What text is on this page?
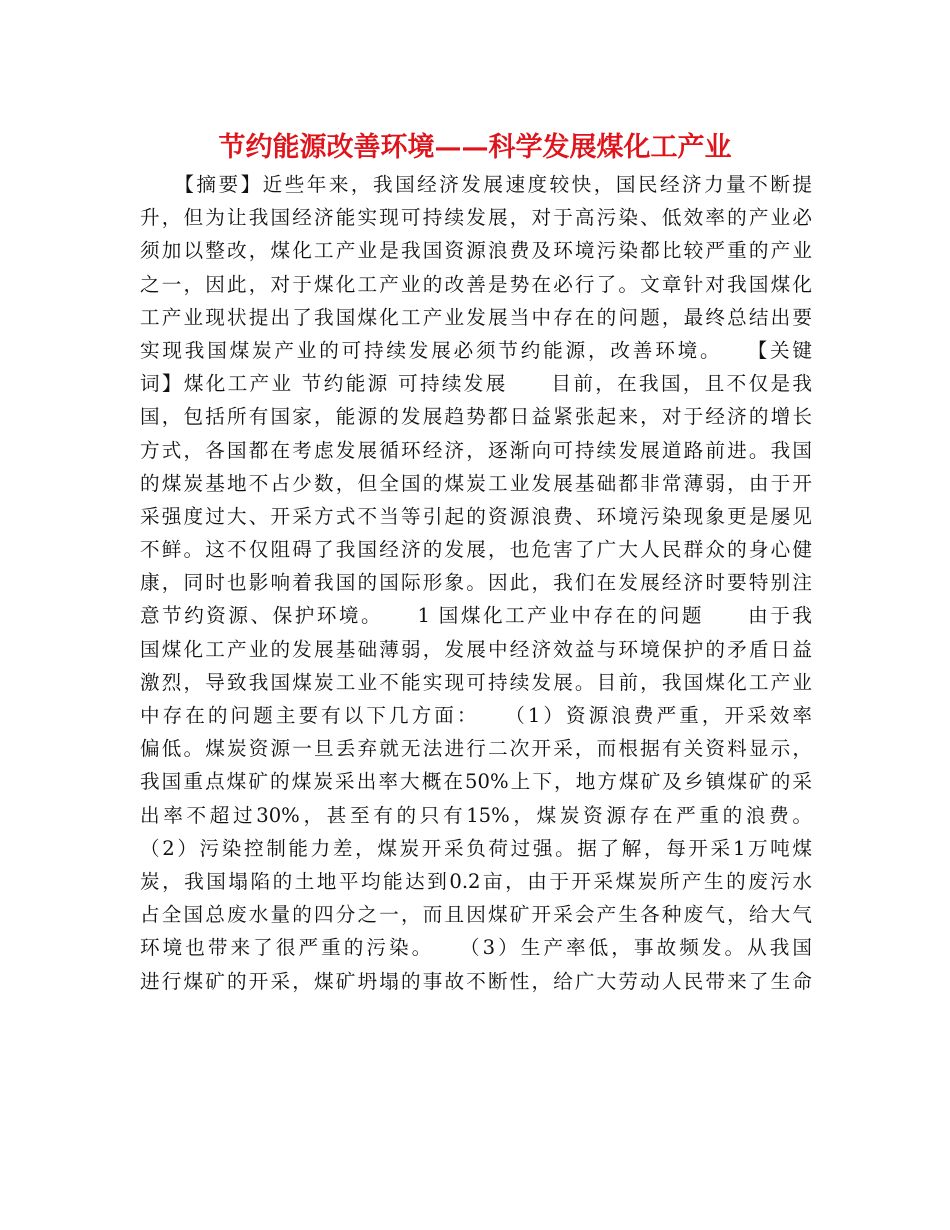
节约能源改善环境——科学发展煤化工产业
　　【摘要】近些年来，我国经济发展速度较快，国民经济力量不断提
升，但为让我国经济能实现可持续发展，对于高污染、低效率的产业必
须加以整改，煤化工产业是我国资源浪费及环境污染都比较严重的产业
之一，因此，对于煤化工产业的改善是势在必行了。文章针对我国煤化
工产业现状提出了我国煤化工产业发展当中存在的问题，最终总结出要
实现我国煤炭产业的可持续发展必须节约能源，改善环境。　　【关键
词】煤化工产业 节约能源 可持续发展　　目前，在我国，且不仅是我
国，包括所有国家，能源的发展趋势都日益紧张起来，对于经济的增长
方式，各国都在考虑发展循环经济，逐渐向可持续发展道路前进。我国
的煤炭基地不占少数，但全国的煤炭工业发展基础都非常薄弱，由于开
采强度过大、开采方式不当等引起的资源浪费、环境污染现象更是屡见
不鲜。这不仅阻碍了我国经济的发展，也危害了广大人民群众的身心健
康，同时也影响着我国的国际形象。因此，我们在发展经济时要特别注
意节约资源、保护环境。　　1 国煤化工产业中存在的问题　　由于我
国煤化工产业的发展基础薄弱，发展中经济效益与环境保护的矛盾日益
激烈，导致我国煤炭工业不能实现可持续发展。目前，我国煤化工产业
中存在的问题主要有以下几方面：　　（1）资源浪费严重，开采效率
偏低。煤炭资源一旦丢弃就无法进行二次开采，而根据有关资料显示，
我国重点煤矿的煤炭采出率大概在50%上下，地方煤矿及乡镇煤矿的采
出率不超过30%，甚至有的只有15%，煤炭资源存在严重的浪费。
（2）污染控制能力差，煤炭开采负荷过强。据了解，每开采1万吨煤
炭，我国塌陷的土地平均能达到0.2亩，由于开采煤炭所产生的废污水
占全国总废水量的四分之一，而且因煤矿开采会产生各种废气，给大气
环境也带来了很严重的污染。　　（3）生产率低，事故频发。从我国
进行煤矿的开采，煤矿坍塌的事故不断性，给广大劳动人民带来了生命
